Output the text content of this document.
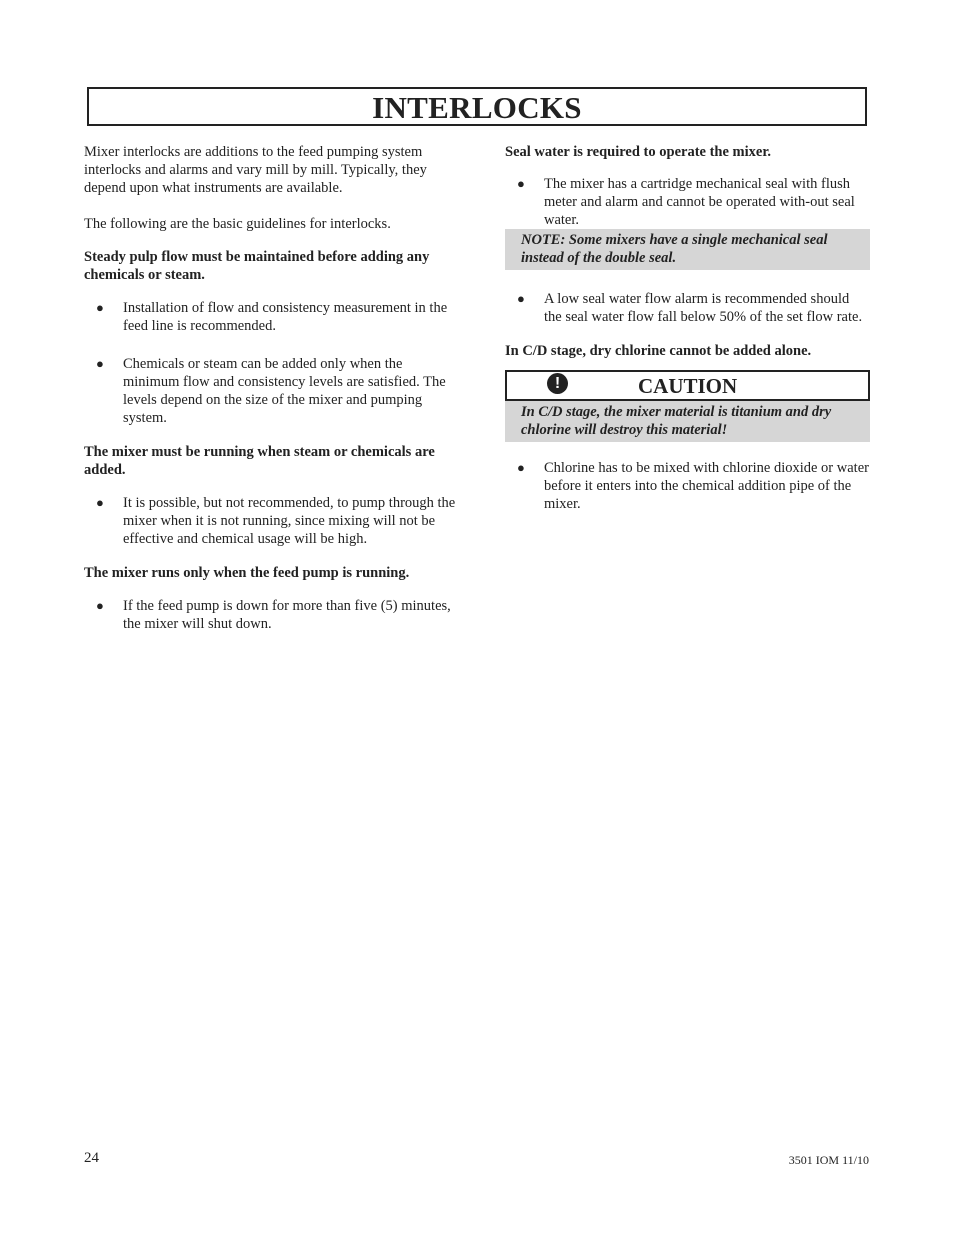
INTERLOCKS

Mixer interlocks are additions to the feed pumping system interlocks and alarms and vary mill by mill. Typically, they depend upon what instruments are available.

The following are the basic guidelines for interlocks.

Steady pulp flow must be maintained before adding any chemicals or steam.

● Installation of flow and consistency measurement in the feed line is recommended.

● Chemicals or steam can be added only when the minimum flow and consistency levels are satisfied. The levels depend on the size of the mixer and pumping system.

The mixer must be running when steam or chemicals are added.

● It is possible, but not recommended, to pump through the mixer when it is not running, since mixing will not be effective and chemical usage will be high.

The mixer runs only when the feed pump is running.

● If the feed pump is down for more than five (5) minutes, the mixer will shut down.

Seal water is required to operate the mixer.

● The mixer has a cartridge mechanical seal with flush meter and alarm and cannot be operated with-out seal water.

NOTE: Some mixers have a single mechanical seal instead of the double seal.

● A low seal water flow alarm is recommended should the seal water flow fall below 50% of the set flow rate.

In C/D stage, dry chlorine cannot be added alone.

!	CAUTION

In C/D stage, the mixer material is titanium and dry chlorine will destroy this material!

● Chlorine has to be mixed with chlorine dioxide or water before it enters into the chemical addition pipe of the mixer.

24	3501 IOM 11/10
